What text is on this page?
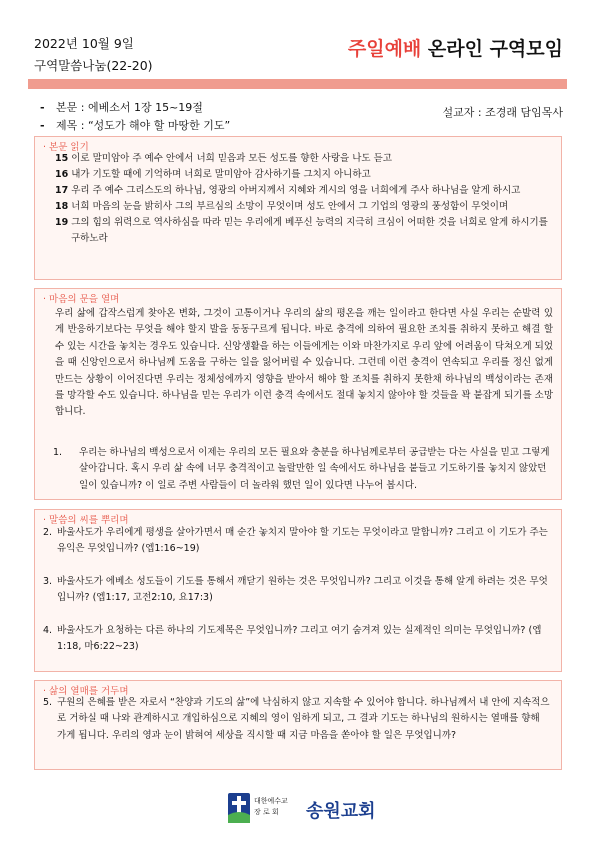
2022년 10월 9일
구역말씀나눔(22-20)
주일예배 온라인 구역모임
- 본문 : 에베소서 1장 15~19절
- 제목 : “성도가 해야 할 마땅한 기도”
설교자 : 조경래 담임목사
· 본문 읽기
15 이로 말미암아 주 예수 안에서 너희 믿음과 모든 성도를 향한 사랑을 나도 듣고
16 내가 기도할 때에 기억하며 너희로 말미암아 감사하기를 그치지 아니하고
17 우리 주 예수 그리스도의 하나님, 영광의 아버지께서 지혜와 계시의 영을 너희에게 주사 하나님을 알게 하시고
18 너희 마음의 눈을 밝히사 그의 부르심의 소망이 무엇이며 성도 안에서 그 기업의 영광의 풍성함이 무엇이며
19 그의 힘의 위력으로 역사하심을 따라 믿는 우리에게 베푸신 능력의 지극히 크심이 어떠한 것을 너희로 알게 하시기를 구하노라
· 마음의 문을 열며
우리 삶에 갑작스럽게 찾아온 변화, 그것이 고통이거나 우리의 삶의 평온을 깨는 일이라고 한다면 사실 우리는 순발력 있게 반응하기보다는 무엇을 해야 할지 발을 동동구르게 됩니다. 바로 충격에 의하여 필요한 조치를 취하지 못하고 해결 할 수 있는 시간을 놓치는 경우도 있습니다. 신앙생활을 하는 이들에게는 이와 마찬가지로 우리 앞에 어려움이 닥쳐오게 되었을 때 신앙인으로서 하나님께 도움을 구하는 일을 잃어버릴 수 있습니다. 그런데 이런 충격이 연속되고 우리를 정신 없게 만드는 상황이 이어진다면 우리는 정체성에까지 영향을 받아서 해야 할 조치를 취하지 못한채 하나님의 백성이라는 존재를 망각할 수도 있습니다. 하나님을 믿는 우리가 이런 충격 속에서도 절대 놓치지 않아야 할 것들을 꽉 붙잡게 되기를 소망합니다.
1. 우리는 하나님의 백성으로서 이제는 우리의 모든 필요와 충분을 하나님께로부터 공급받는 다는 사실을 믿고 그렇게 살아갑니다. 혹시 우리 삶 속에 너무 충격적이고 놀랄만한 일 속에서도 하나님을 붙들고 기도하기를 놓치지 않았던 일이 있습니까? 이 일로 주변 사람들이 더 놀라워 했던 일이 있다면 나누어 봅시다.
· 말씀의 씨를 뿌리며
2. 바울사도가 우리에게 평생을 살아가면서 매 순간 놓치지 말아야 할 기도는 무엇이라고 말합니까? 그리고 이 기도가 주는 유익은 무엇입니까? (엡1:16~19)
3. 바울사도가 에베소 성도들이 기도를 통해서 깨닫기 원하는 것은 무엇입니까? 그리고 이것을 통해 알게 하려는 것은 무엇입니까? (엡1:17, 고전2:10, 요17:3)
4. 바울사도가 요청하는 다른 하나의 기도제목은 무엇입니까? 그리고 여기 숨겨져 있는 실제적인 의미는 무엇입니까? (엡1:18, 마6:22~23)
· 삶의 열매를 거두며
5. 구원의 은혜를 받은 자로서 “찬양과 기도의 삶”에 낙심하지 않고 지속할 수 있어야 합니다. 하나님께서 내 안에 지속적으로 거하실 때 나와 관계하시고 개입하심으로 지혜의 영이 임하게 되고, 그 결과 기도는 하나님의 원하시는 열매를 향해 가게 됩니다. 우리의 영과 눈이 밝혀여 세상을 직시할 때 지금 마음을 쏟아야 할 일은 무엇입니까?
대한예수교
장 로 회	송원교회
